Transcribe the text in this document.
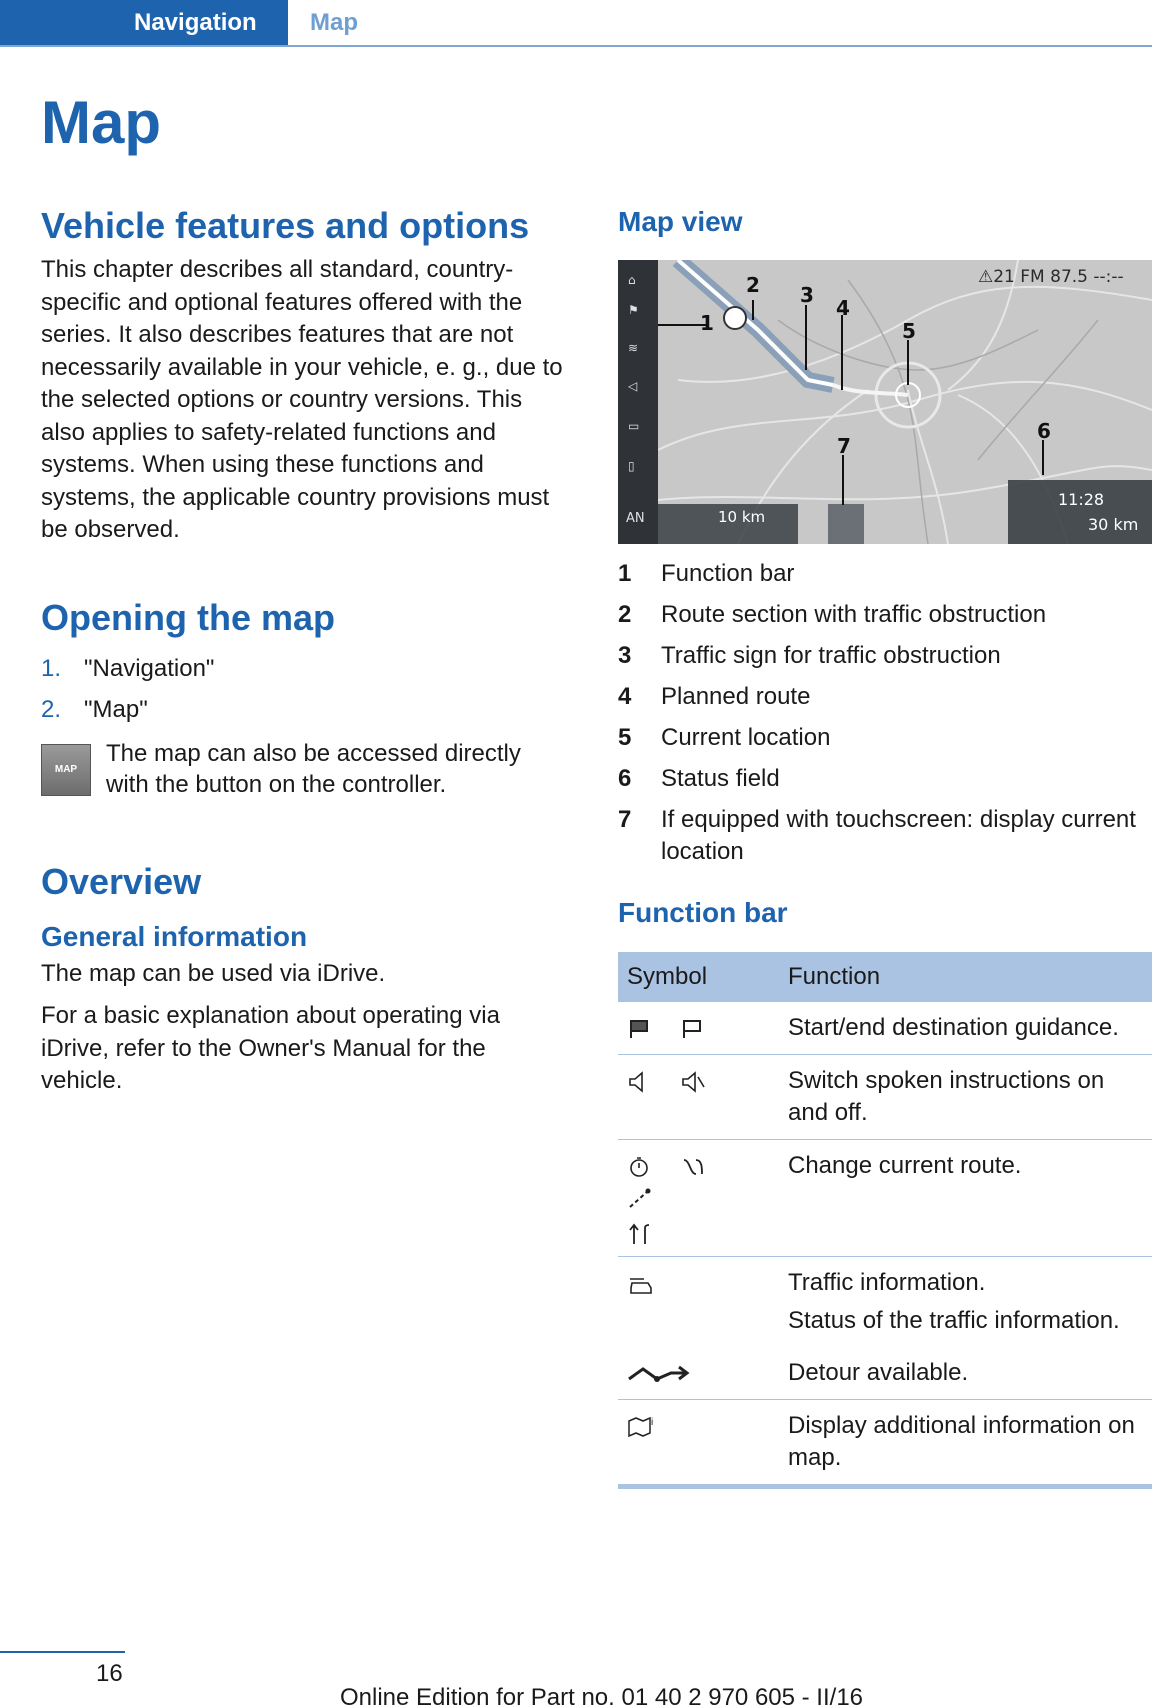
Navigation	Map
Map
Vehicle features and options
This chapter describes all standard, country-specific and optional features offered with the series. It also describes features that are not necessarily available in your vehicle, e. g., due to the selected options or country versions. This also applies to safety-related functions and systems. When using these functions and systems, the applicable country provisions must be observed.
Opening the map
1. "Navigation"
2. "Map"
MAP
The map can also be accessed directly with the button on the controller.
Overview
General information
The map can be used via iDrive.
For a basic explanation about operating via iDrive, refer to the Owner's Manual for the vehicle.
Map view
⌂
⚑
≋
◁
▭
▯
AN
⚠21 FM 87.5 --:--
10 km
11:28
30 km
1
2 3
4
5
6
7
1 Function bar
2 Route section with traffic obstruction
3 Traffic sign for traffic obstruction
4 Planned route
5 Current location
6 Status field
7 If equipped with touchscreen: display current location
Function bar
Symbol	Function
	Start/end destination guidance.
	Switch spoken instructions on and off.

	Change current route.

Traffic information.
Status of the traffic information.

	Detour available.

i	Display additional information on map.
16
Online Edition for Part no. 01 40 2 970 605 - II/16
